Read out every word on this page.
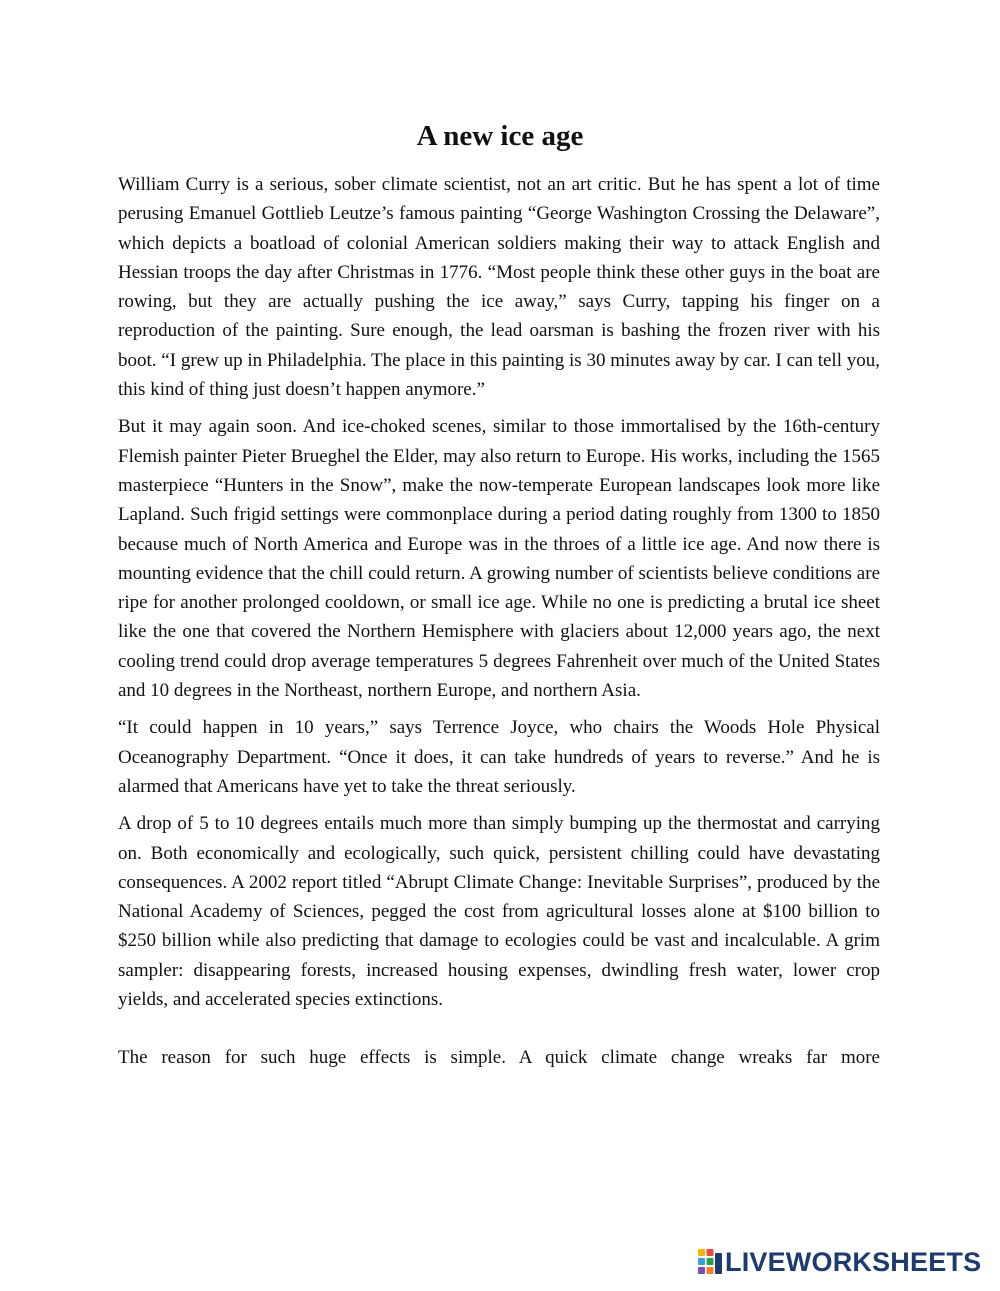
A new ice age

William Curry is a serious, sober climate scientist, not an art critic. But he has spent a lot of time perusing Emanuel Gottlieb Leutze’s famous painting “George Washington Crossing the Delaware”, which depicts a boatload of colonial American soldiers making their way to attack English and Hessian troops the day after Christmas in 1776. “Most people think these other guys in the boat are rowing, but they are actually pushing the ice away,” says Curry, tapping his finger on a reproduction of the painting. Sure enough, the lead oarsman is bashing the frozen river with his boot. “I grew up in Philadelphia. The place in this painting is 30 minutes away by car. I can tell you, this kind of thing just doesn’t happen anymore.”

But it may again soon. And ice-choked scenes, similar to those immortalised by the 16th-century Flemish painter Pieter Brueghel the Elder, may also return to Europe. His works, including the 1565 masterpiece “Hunters in the Snow”, make the now-temperate European landscapes look more like Lapland. Such frigid settings were commonplace during a period dating roughly from 1300 to 1850 because much of North America and Europe was in the throes of a little ice age. And now there is mounting evidence that the chill could return. A growing number of scientists believe conditions are ripe for another prolonged cooldown, or small ice age. While no one is predicting a brutal ice sheet like the one that covered the Northern Hemisphere with glaciers about 12,000 years ago, the next cooling trend could drop average temperatures 5 degrees Fahrenheit over much of the United States and 10 degrees in the Northeast, northern Europe, and northern Asia.

“It could happen in 10 years,” says Terrence Joyce, who chairs the Woods Hole Physical Oceanography Department. “Once it does, it can take hundreds of years to reverse.” And he is alarmed that Americans have yet to take the threat seriously.

A drop of 5 to 10 degrees entails much more than simply bumping up the thermostat and carrying on. Both economically and ecologically, such quick, persistent chilling could have devastating consequences. A 2002 report titled “Abrupt Climate Change: Inevitable Surprises”, produced by the National Academy of Sciences, pegged the cost from agricultural losses alone at $100 billion to $250 billion while also predicting that damage to ecologies could be vast and incalculable. A grim sampler: disappearing forests, increased housing expenses, dwindling fresh water, lower crop yields, and accelerated species extinctions.

The reason for such huge effects is simple. A quick climate change wreaks far more

LIVEWORKSHEETS
